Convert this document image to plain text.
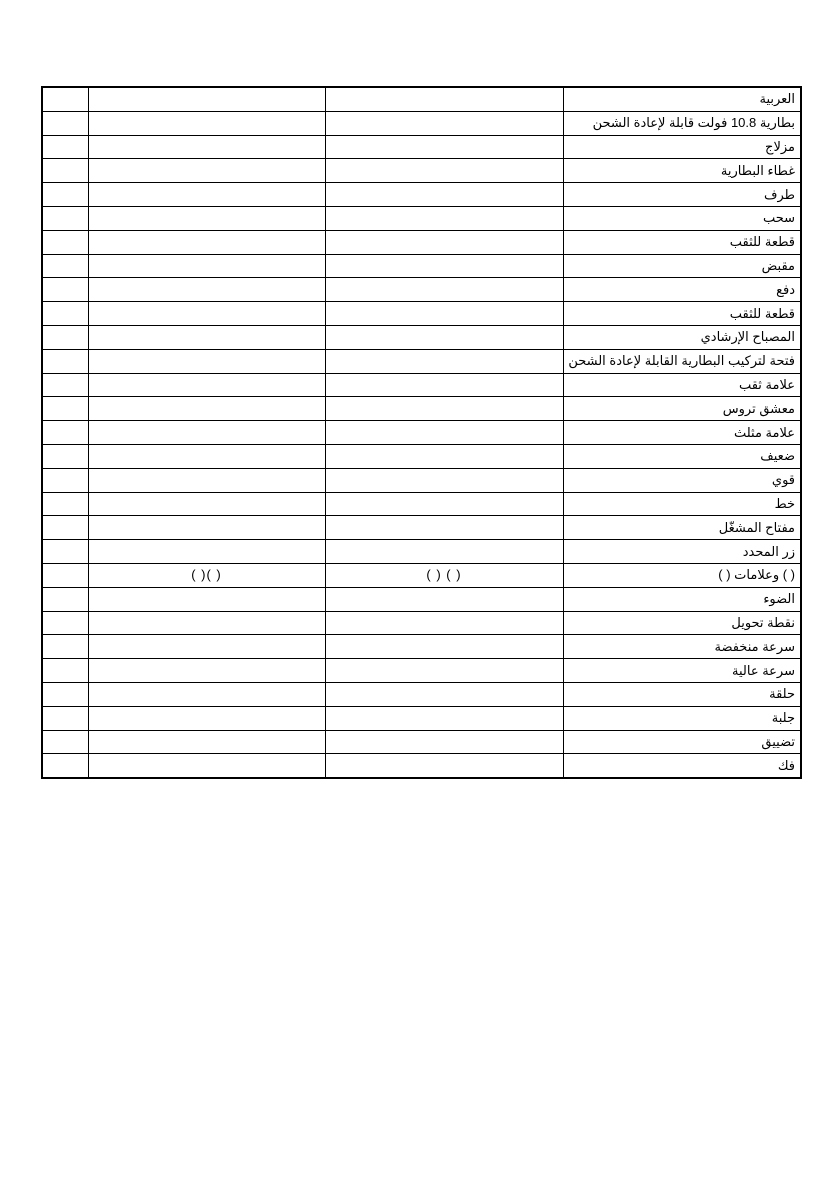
			العربية
			بطارية 10.8 فولت قابلة لإعادة الشحن
			مزلاج
			غطاء البطارية
			طرف
			سحب
			قطعة للثقب
			مقبض
			دفع
			قطعة للثقب
			المصباح الإرشادي
			فتحة لتركيب البطارية القابلة لإعادة الشحن
			علامة ثقب
			معشق تروس
			علامة مثلث
			ضعيف
			قوي
			خط
			مفتاح المشغّل
			زر المحدد
	( )( )	( ) ( )	( ) وعلامات ( )
			الضوء
			نقطة تحويل
			سرعة منخفضة
			سرعة عالية
			حلقة
			جلبة
			تضييق
			فك
